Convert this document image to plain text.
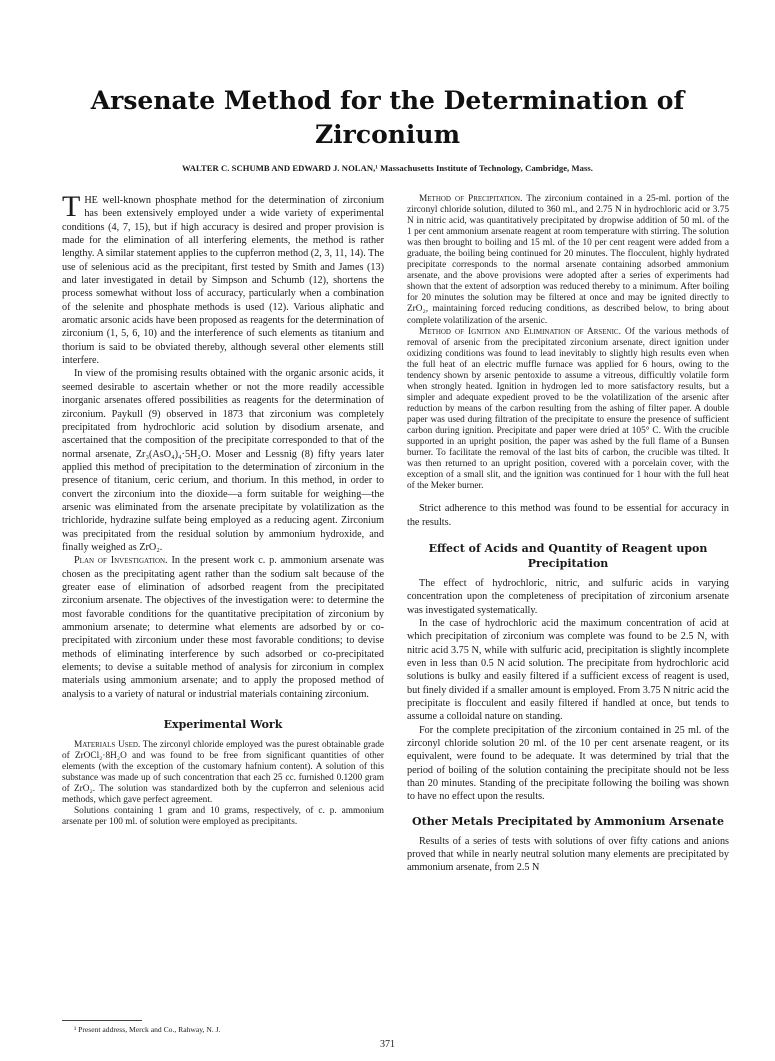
Arsenate Method for the Determination of
Zirconium
WALTER C. SCHUMB AND EDWARD J. NOLAN,¹ Massachusetts Institute of Technology, Cambridge, Mass.

THE well-known phosphate method for the determination of zirconium has been extensively employed under a wide variety of experimental conditions (4, 7, 15), but if high accuracy is desired and proper provision is made for the elimination of all interfering elements, the method is rather lengthy. A similar statement applies to the cupferron method (2, 3, 11, 14). The use of selenious acid as the precipitant, first tested by Smith and James (13) and later investigated in detail by Simpson and Schumb (12), shortens the process somewhat without loss of accuracy, particularly when a combination of the selenite and phosphate methods is used (12). Various aliphatic and aromatic arsonic acids have been proposed as reagents for the determination of zirconium (1, 5, 6, 10) and the interference of such elements as titanium and thorium is said to be obviated thereby, although several other elements still interfere.

In view of the promising results obtained with the organic arsonic acids, it seemed desirable to ascertain whether or not the more readily accessible inorganic arsenates offered possibilities as reagents for the determination of zirconium. Paykull (9) observed in 1873 that zirconium was completely precipitated from hydrochloric acid solution by disodium arsenate, and ascertained that the composition of the precipitate corresponded to that of the normal arsenate, Zr₃(AsO₄)₄·5H₂O. Moser and Lessnig (8) fifty years later applied this method of precipitation to the determination of zirconium in the presence of titanium, ceric cerium, and thorium. In this method, in order to convert the zirconium into the dioxide—a form suitable for weighing—the arsenic was eliminated from the arsenate precipitate by volatilization as the trichloride, hydrazine sulfate being employed as a reducing agent. Zirconium was precipitated from the residual solution by ammonium hydroxide, and finally weighed as ZrO₂.

Plan of Investigation. In the present work c. p. ammonium arsenate was chosen as the precipitating agent rather than the sodium salt because of the greater ease of elimination of adsorbed reagent from the precipitated zirconium arsenate. The objectives of the investigation were: to determine the most favorable conditions for the quantitative precipitation of zirconium by ammonium arsenate; to determine what elements are adsorbed by or co-precipitated with zirconium under these most favorable conditions; to devise methods of eliminating interference by such adsorbed or co-precipitated elements; to devise a suitable method of analysis for zirconium in complex materials using ammonium arsenate; and to apply the proposed method of analysis to a variety of natural or industrial materials containing zirconium.

Experimental Work

Materials Used. The zirconyl chloride employed was the purest obtainable grade of ZrOCl₂·8H₂O and was found to be free from significant quantities of other elements (with the exception of the customary hafnium content). A solution of this substance was made up of such concentration that each 25 cc. furnished 0.1200 gram of ZrO₂. The solution was standardized both by the cupferron and selenious acid methods, which gave perfect agreement.

Solutions containing 1 gram and 10 grams, respectively, of c. p. ammonium arsenate per 100 ml. of solution were employed as precipitants.

Method of Precipitation. The zirconium contained in a 25-ml. portion of the zirconyl chloride solution, diluted to 360 ml., and 2.75 N in hydrochloric acid or 3.75 N in nitric acid, was quantitatively precipitated by dropwise addition of 50 ml. of the 1 per cent ammonium arsenate reagent at room temperature with stirring. The solution was then brought to boiling and 15 ml. of the 10 per cent reagent were added from a graduate, the boiling being continued for 20 minutes. The flocculent, highly hydrated precipitate corresponds to the normal arsenate containing adsorbed ammonium arsenate, and the above provisions were adopted after a series of experiments had shown that the extent of adsorption was reduced thereby to a minimum. After boiling for 20 minutes the solution may be filtered at once and may be ignited directly to ZrO₂, maintaining forced reducing conditions, as described below, to bring about complete volatilization of the arsenic.

Method of Ignition and Elimination of Arsenic. Of the various methods of removal of arsenic from the precipitated zirconium arsenate, direct ignition under oxidizing conditions was found to lead inevitably to slightly high results even when the full heat of an electric muffle furnace was applied for 6 hours, owing to the tendency shown by arsenic pentoxide to assume a vitreous, difficultly volatile form when strongly heated. Ignition in hydrogen led to more satisfactory results, but a simpler and adequate expedient proved to be the volatilization of the arsenic after reduction by means of the carbon resulting from the ashing of filter paper. A double paper was used during filtration of the precipitate to ensure the presence of sufficient carbon during ignition. Precipitate and paper were dried at 105° C. With the crucible supported in an upright position, the paper was ashed by the full flame of a Bunsen burner. To facilitate the removal of the last bits of carbon, the crucible was tilted. It was then returned to an upright position, covered with a porcelain cover, with the exception of a small slit, and the ignition was continued for 1 hour with the full heat of the Meker burner.

Strict adherence to this method was found to be essential for accuracy in the results.

Effect of Acids and Quantity of Reagent upon Precipitation

The effect of hydrochloric, nitric, and sulfuric acids in varying concentration upon the completeness of precipitation of zirconium arsenate was investigated systematically.

In the case of hydrochloric acid the maximum concentration of acid at which precipitation of zirconium was complete was found to be 2.5 N, with nitric acid 3.75 N, while with sulfuric acid, precipitation is slightly incomplete even in less than 0.5 N acid solution. The precipitate from hydrochloric acid solutions is bulky and easily filtered if a sufficient excess of reagent is used, but finely divided if a smaller amount is employed. From 3.75 N nitric acid the precipitate is flocculent and easily filtered if handled at once, but tends to assume a colloidal nature on standing.

For the complete precipitation of the zirconium contained in 25 ml. of the zirconyl chloride solution 20 ml. of the 10 per cent arsenate reagent, or its equivalent, were found to be adequate. It was determined by trial that the period of boiling of the solution containing the precipitate should not be less than 20 minutes. Standing of the precipitate following the boiling was shown to have no effect upon the results.

Other Metals Precipitated by Ammonium Arsenate

Results of a series of tests with solutions of over fifty cations and anions proved that while in nearly neutral solution many elements are precipitated by ammonium arsenate, from 2.5 N

¹ Present address, Merck and Co., Rahway, N. J.
371
